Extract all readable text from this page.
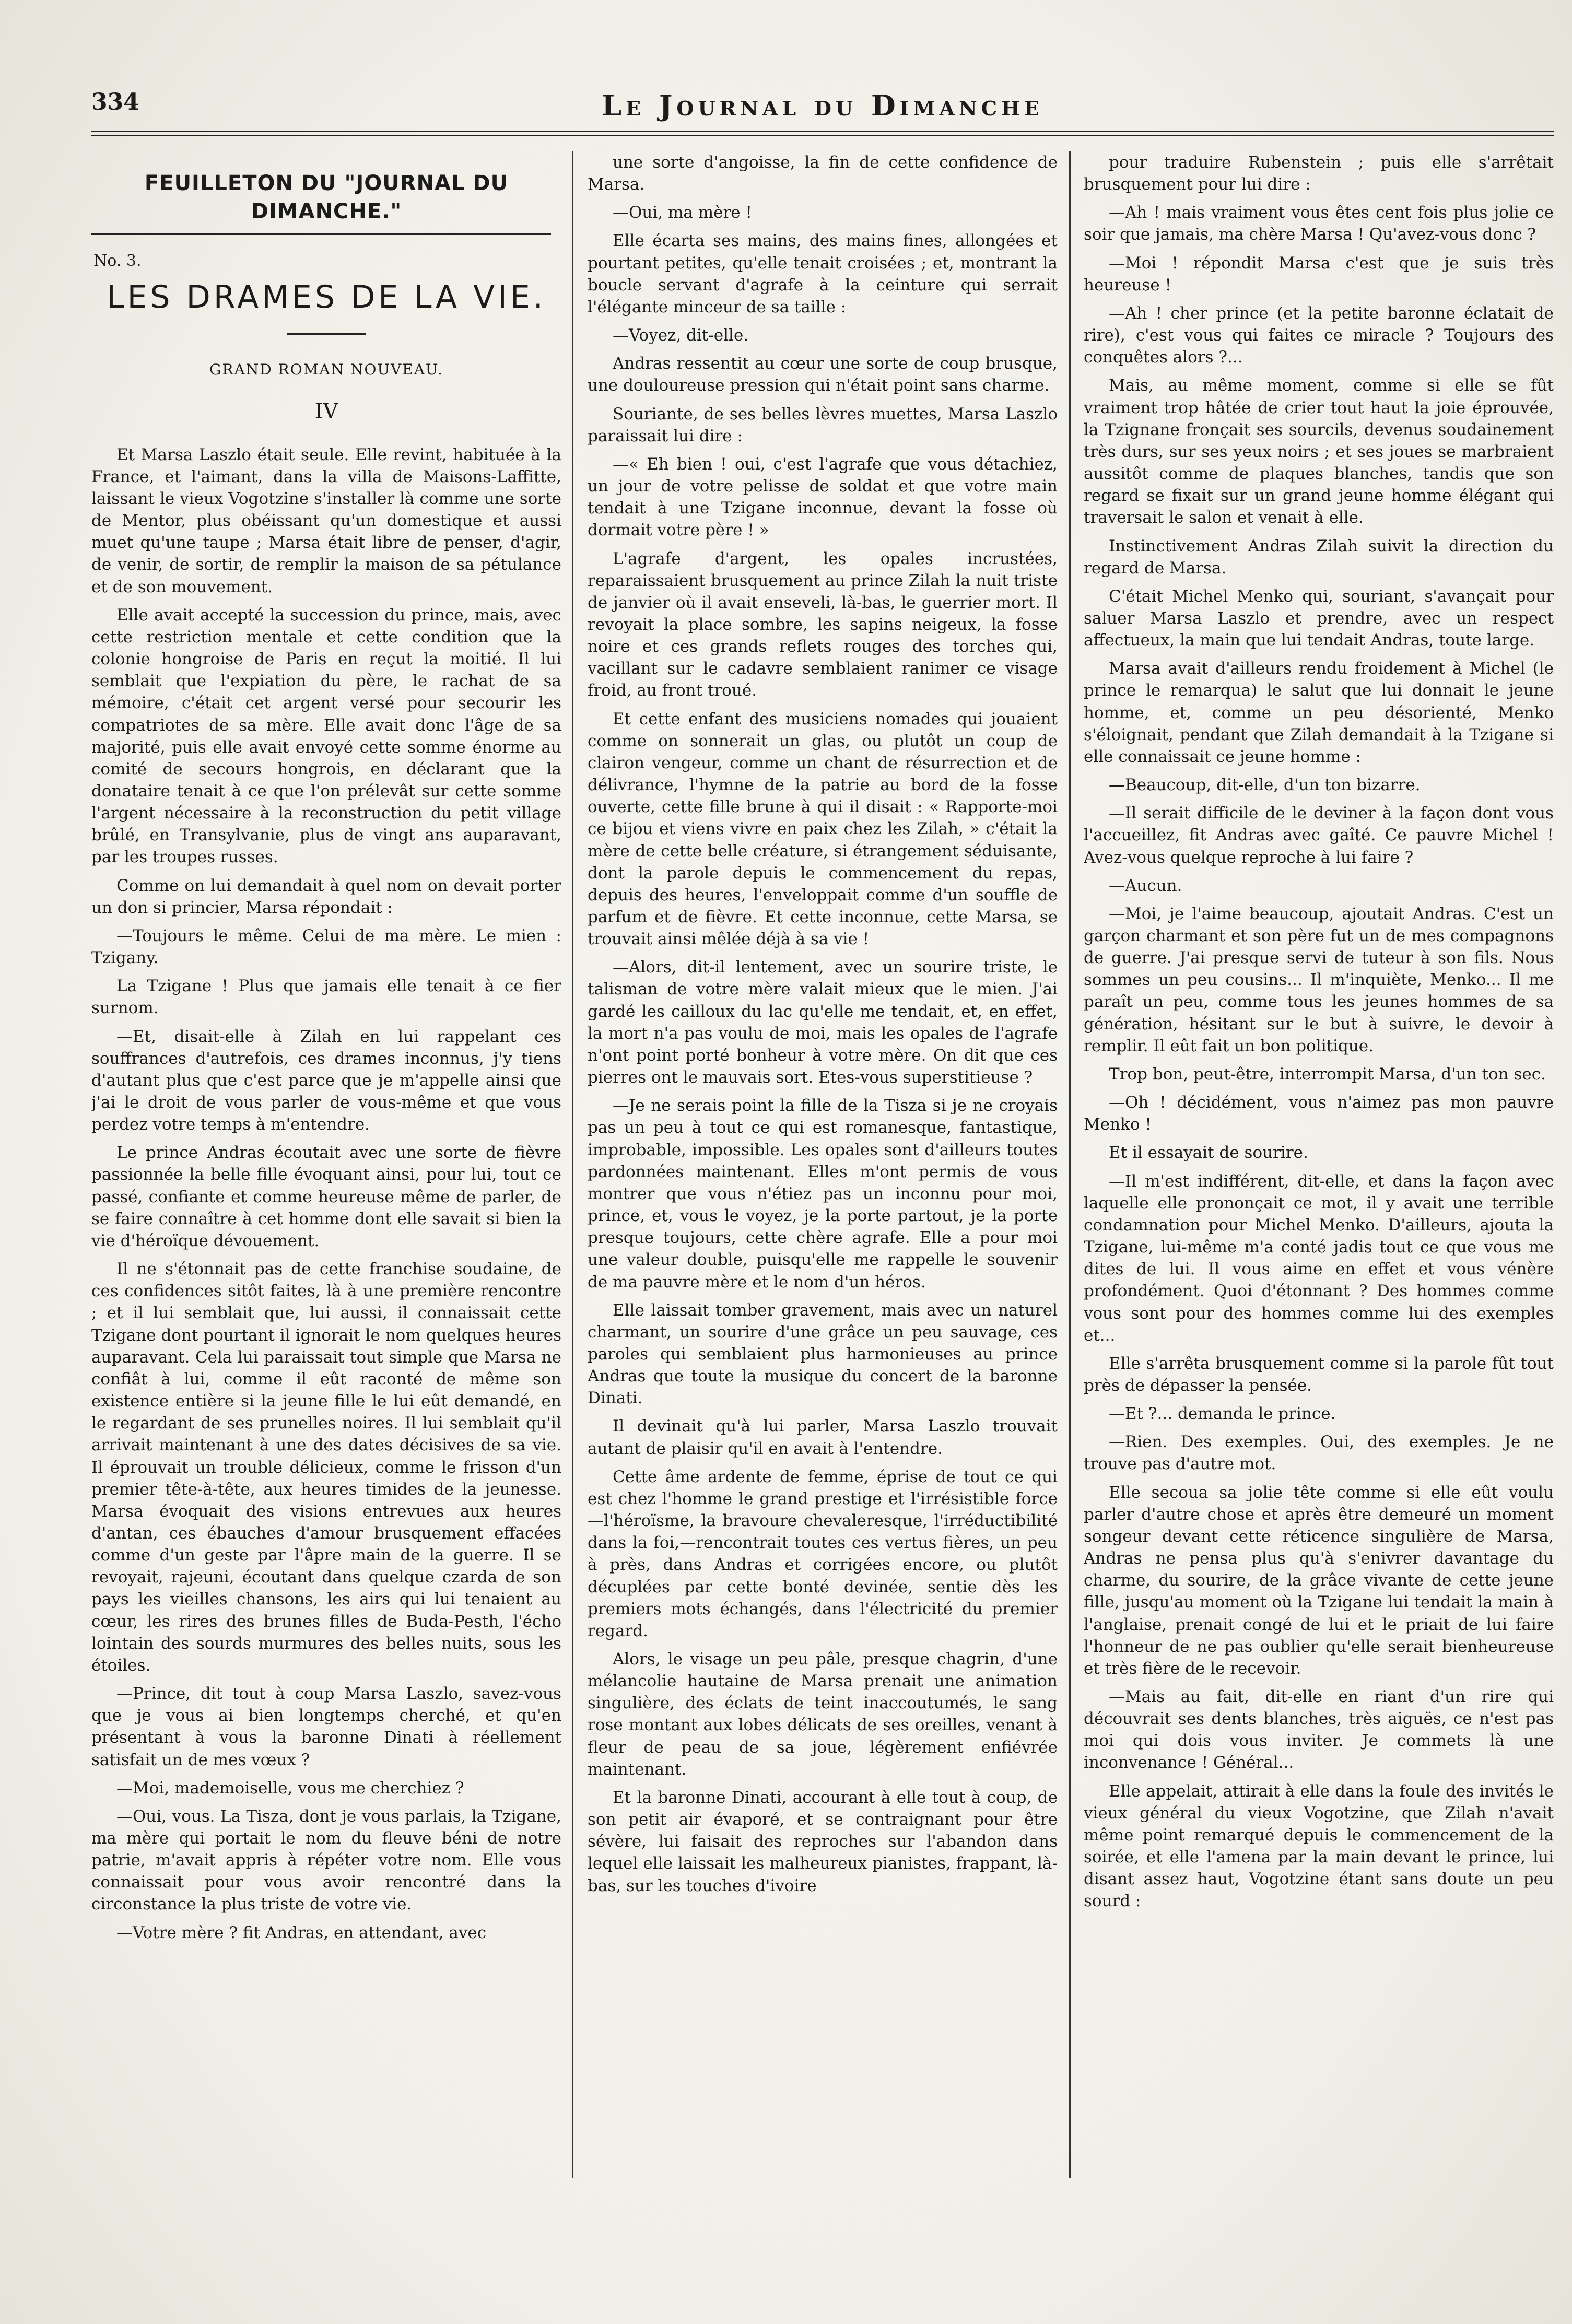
334	Le Journal du Dimanche
FEUILLETON DU "JOURNAL DU DIMANCHE."
No. 3.
LES DRAMES DE LA VIE.
GRAND ROMAN NOUVEAU.
IV

Et Marsa Laszlo était seule. Elle revint, habituée à la France, et l'aimant, dans la villa de Maisons-Laffitte, laissant le vieux Vogotzine s'installer là comme une sorte de Mentor, plus obéissant qu'un domestique et aussi muet qu'une taupe ; Marsa était libre de penser, d'agir, de venir, de sortir, de remplir la maison de sa pétulance et de son mouvement.

Elle avait accepté la succession du prince, mais, avec cette restriction mentale et cette condition que la colonie hongroise de Paris en reçut la moitié. Il lui semblait que l'expiation du père, le rachat de sa mémoire, c'était cet argent versé pour secourir les compatriotes de sa mère. Elle avait donc l'âge de sa majorité, puis elle avait envoyé cette somme énorme au comité de secours hongrois, en déclarant que la donataire tenait à ce que l'on prélevât sur cette somme l'argent nécessaire à la reconstruction du petit village brûlé, en Transylvanie, plus de vingt ans auparavant, par les troupes russes.

Comme on lui demandait à quel nom on devait porter un don si princier, Marsa répondait :

—Toujours le même. Celui de ma mère. Le mien : Tzigany.

La Tzigane ! Plus que jamais elle tenait à ce fier surnom.

—Et, disait-elle à Zilah en lui rappelant ces souffrances d'autrefois, ces drames inconnus, j'y tiens d'autant plus que c'est parce que je m'appelle ainsi que j'ai le droit de vous parler de vous-même et que vous perdez votre temps à m'entendre.

Le prince Andras écoutait avec une sorte de fièvre passionnée la belle fille évoquant ainsi, pour lui, tout ce passé, confiante et comme heureuse même de parler, de se faire connaître à cet homme dont elle savait si bien la vie d'héroïque dévouement.

Il ne s'étonnait pas de cette franchise soudaine, de ces confidences sitôt faites, là à une première rencontre ; et il lui semblait que, lui aussi, il connaissait cette Tzigane dont pourtant il ignorait le nom quelques heures auparavant. Cela lui paraissait tout simple que Marsa ne confiât à lui, comme il eût raconté de même son existence entière si la jeune fille le lui eût demandé, en le regardant de ses prunelles noires. Il lui semblait qu'il arrivait maintenant à une des dates décisives de sa vie. Il éprouvait un trouble délicieux, comme le frisson d'un premier tête-à-tête, aux heures timides de la jeunesse. Marsa évoquait des visions entrevues aux heures d'antan, ces ébauches d'amour brusquement effacées comme d'un geste par l'âpre main de la guerre. Il se revoyait, rajeuni, écoutant dans quelque czarda de son pays les vieilles chansons, les airs qui lui tenaient au cœur, les rires des brunes filles de Buda-Pesth, l'écho lointain des sourds murmures des belles nuits, sous les étoiles.

—Prince, dit tout à coup Marsa Laszlo, savez-vous que je vous ai bien longtemps cherché, et qu'en présentant à vous la baronne Dinati à réellement satisfait un de mes vœux ?

—Moi, mademoiselle, vous me cherchiez ?

—Oui, vous. La Tisza, dont je vous parlais, la Tzigane, ma mère qui portait le nom du fleuve béni de notre patrie, m'avait appris à répéter votre nom. Elle vous connaissait pour vous avoir rencontré dans la circonstance la plus triste de votre vie.

—Votre mère ? fit Andras, en attendant, avec

une sorte d'angoisse, la fin de cette confidence de Marsa.

—Oui, ma mère !

Elle écarta ses mains, des mains fines, allongées et pourtant petites, qu'elle tenait croisées ; et, montrant la boucle servant d'agrafe à la ceinture qui serrait l'élégante minceur de sa taille :

—Voyez, dit-elle.

Andras ressentit au cœur une sorte de coup brusque, une douloureuse pression qui n'était point sans charme.

Souriante, de ses belles lèvres muettes, Marsa Laszlo paraissait lui dire :

—« Eh bien ! oui, c'est l'agrafe que vous détachiez, un jour de votre pelisse de soldat et que votre main tendait à une Tzigane inconnue, devant la fosse où dormait votre père ! »

L'agrafe d'argent, les opales incrustées, reparaissaient brusquement au prince Zilah la nuit triste de janvier où il avait enseveli, là-bas, le guerrier mort. Il revoyait la place sombre, les sapins neigeux, la fosse noire et ces grands reflets rouges des torches qui, vacillant sur le cadavre semblaient ranimer ce visage froid, au front troué.

Et cette enfant des musiciens nomades qui jouaient comme on sonnerait un glas, ou plutôt un coup de clairon vengeur, comme un chant de résurrection et de délivrance, l'hymne de la patrie au bord de la fosse ouverte, cette fille brune à qui il disait : « Rapporte-moi ce bijou et viens vivre en paix chez les Zilah, » c'était la mère de cette belle créature, si étrangement séduisante, dont la parole depuis le commencement du repas, depuis des heures, l'enveloppait comme d'un souffle de parfum et de fièvre. Et cette inconnue, cette Marsa, se trouvait ainsi mêlée déjà à sa vie !

—Alors, dit-il lentement, avec un sourire triste, le talisman de votre mère valait mieux que le mien. J'ai gardé les cailloux du lac qu'elle me tendait, et, en effet, la mort n'a pas voulu de moi, mais les opales de l'agrafe n'ont point porté bonheur à votre mère. On dit que ces pierres ont le mauvais sort. Etes-vous superstitieuse ?

—Je ne serais point la fille de la Tisza si je ne croyais pas un peu à tout ce qui est romanesque, fantastique, improbable, impossible. Les opales sont d'ailleurs toutes pardonnées maintenant. Elles m'ont permis de vous montrer que vous n'étiez pas un inconnu pour moi, prince, et, vous le voyez, je la porte partout, je la porte presque toujours, cette chère agrafe. Elle a pour moi une valeur double, puisqu'elle me rappelle le souvenir de ma pauvre mère et le nom d'un héros.

Elle laissait tomber gravement, mais avec un naturel charmant, un sourire d'une grâce un peu sauvage, ces paroles qui semblaient plus harmonieuses au prince Andras que toute la musique du concert de la baronne Dinati.

Il devinait qu'à lui parler, Marsa Laszlo trouvait autant de plaisir qu'il en avait à l'entendre.

Cette âme ardente de femme, éprise de tout ce qui est chez l'homme le grand prestige et l'irrésistible force—l'héroïsme, la bravoure chevaleresque, l'irréductibilité dans la foi,—rencontrait toutes ces vertus fières, un peu à près, dans Andras et corrigées encore, ou plutôt décuplées par cette bonté devinée, sentie dès les premiers mots échangés, dans l'électricité du premier regard.

Alors, le visage un peu pâle, presque chagrin, d'une mélancolie hautaine de Marsa prenait une animation singulière, des éclats de teint inaccoutumés, le sang rose montant aux lobes délicats de ses oreilles, venant à fleur de peau de sa joue, légèrement enfiévrée maintenant.

Et la baronne Dinati, accourant à elle tout à coup, de son petit air évaporé, et se contraignant pour être sévère, lui faisait des reproches sur l'abandon dans lequel elle laissait les malheureux pianistes, frappant, là-bas, sur les touches d'ivoire

pour traduire Rubenstein ; puis elle s'arrêtait brusquement pour lui dire :

—Ah ! mais vraiment vous êtes cent fois plus jolie ce soir que jamais, ma chère Marsa ! Qu'avez-vous donc ?

—Moi ! répondit Marsa c'est que je suis très heureuse !

—Ah ! cher prince (et la petite baronne éclatait de rire), c'est vous qui faites ce miracle ? Toujours des conquêtes alors ?...

Mais, au même moment, comme si elle se fût vraiment trop hâtée de crier tout haut la joie éprouvée, la Tzignane fronçait ses sourcils, devenus soudainement très durs, sur ses yeux noirs ; et ses joues se marbraient aussitôt comme de plaques blanches, tandis que son regard se fixait sur un grand jeune homme élégant qui traversait le salon et venait à elle.

Instinctivement Andras Zilah suivit la direction du regard de Marsa.

C'était Michel Menko qui, souriant, s'avançait pour saluer Marsa Laszlo et prendre, avec un respect affectueux, la main que lui tendait Andras, toute large.

Marsa avait d'ailleurs rendu froidement à Michel (le prince le remarqua) le salut que lui donnait le jeune homme, et, comme un peu désorienté, Menko s'éloignait, pendant que Zilah demandait à la Tzigane si elle connaissait ce jeune homme :

—Beaucoup, dit-elle, d'un ton bizarre.

—Il serait difficile de le deviner à la façon dont vous l'accueillez, fit Andras avec gaîté. Ce pauvre Michel ! Avez-vous quelque reproche à lui faire ?

—Aucun.

—Moi, je l'aime beaucoup, ajoutait Andras. C'est un garçon charmant et son père fut un de mes compagnons de guerre. J'ai presque servi de tuteur à son fils. Nous sommes un peu cousins... Il m'inquiète, Menko... Il me paraît un peu, comme tous les jeunes hommes de sa génération, hésitant sur le but à suivre, le devoir à remplir. Il eût fait un bon politique.

Trop bon, peut-être, interrompit Marsa, d'un ton sec.

—Oh ! décidément, vous n'aimez pas mon pauvre Menko !

Et il essayait de sourire.

—Il m'est indifférent, dit-elle, et dans la façon avec laquelle elle prononçait ce mot, il y avait une terrible condamnation pour Michel Menko. D'ailleurs, ajouta la Tzigane, lui-même m'a conté jadis tout ce que vous me dites de lui. Il vous aime en effet et vous vénère profondément. Quoi d'étonnant ? Des hommes comme vous sont pour des hommes comme lui des exemples et...

Elle s'arrêta brusquement comme si la parole fût tout près de dépasser la pensée.

—Et ?... demanda le prince.

—Rien. Des exemples. Oui, des exemples. Je ne trouve pas d'autre mot.

Elle secoua sa jolie tête comme si elle eût voulu parler d'autre chose et après être demeuré un moment songeur devant cette réticence singulière de Marsa, Andras ne pensa plus qu'à s'enivrer davantage du charme, du sourire, de la grâce vivante de cette jeune fille, jusqu'au moment où la Tzigane lui tendait la main à l'anglaise, prenait congé de lui et le priait de lui faire l'honneur de ne pas oublier qu'elle serait bienheureuse et très fière de le recevoir.

—Mais au fait, dit-elle en riant d'un rire qui découvrait ses dents blanches, très aiguës, ce n'est pas moi qui dois vous inviter. Je commets là une inconvenance ! Général...

Elle appelait, attirait à elle dans la foule des invités le vieux général du vieux Vogotzine, que Zilah n'avait même point remarqué depuis le commencement de la soirée, et elle l'amena par la main devant le prince, lui disant assez haut, Vogotzine étant sans doute un peu sourd :
